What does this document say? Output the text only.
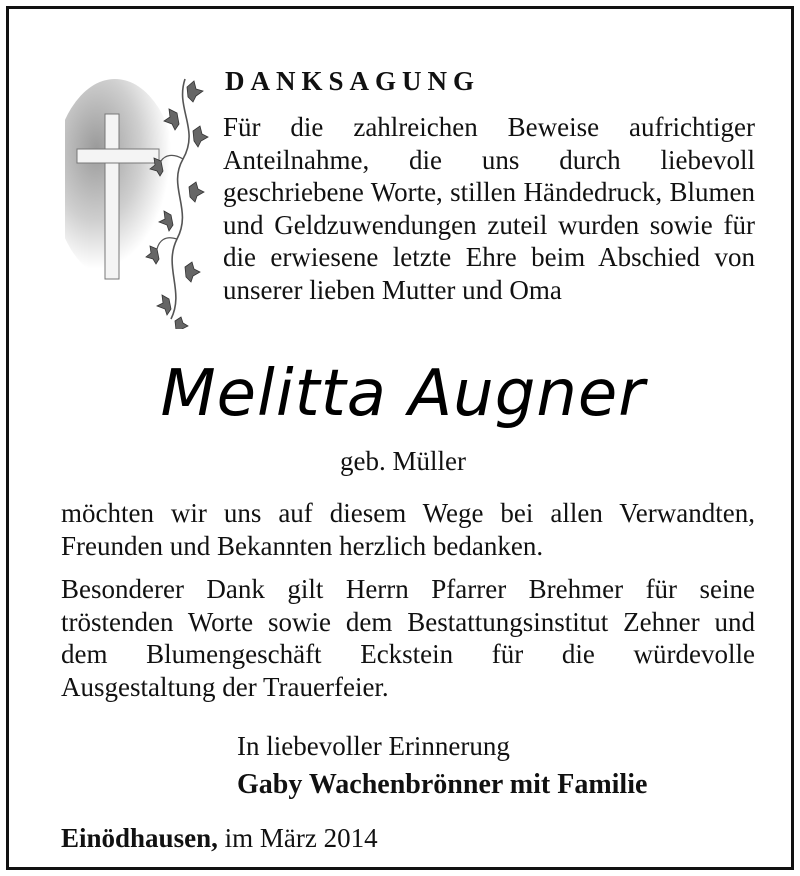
DANKSAGUNG

Für die zahlreichen Beweise aufrichtiger Anteilnahme, die uns durch liebevoll geschriebene Worte, stillen Händedruck, Blumen und Geldzuwendungen zuteil wurden sowie für die erwiesene letzte Ehre beim Abschied von unserer lieben Mutter und Oma

Melitta Augner
geb. Müller

möchten wir uns auf diesem Wege bei allen Verwandten, Freunden und Bekannten herzlich bedanken.

Besonderer Dank gilt Herrn Pfarrer Brehmer für seine tröstenden Worte sowie dem Bestattungsinstitut Zehner und dem Blumengeschäft Eckstein für die würdevolle Ausgestaltung der Trauerfeier.

In liebevoller Erinnerung
Gaby Wachenbrönner mit Familie
Einödhausen, im März 2014
